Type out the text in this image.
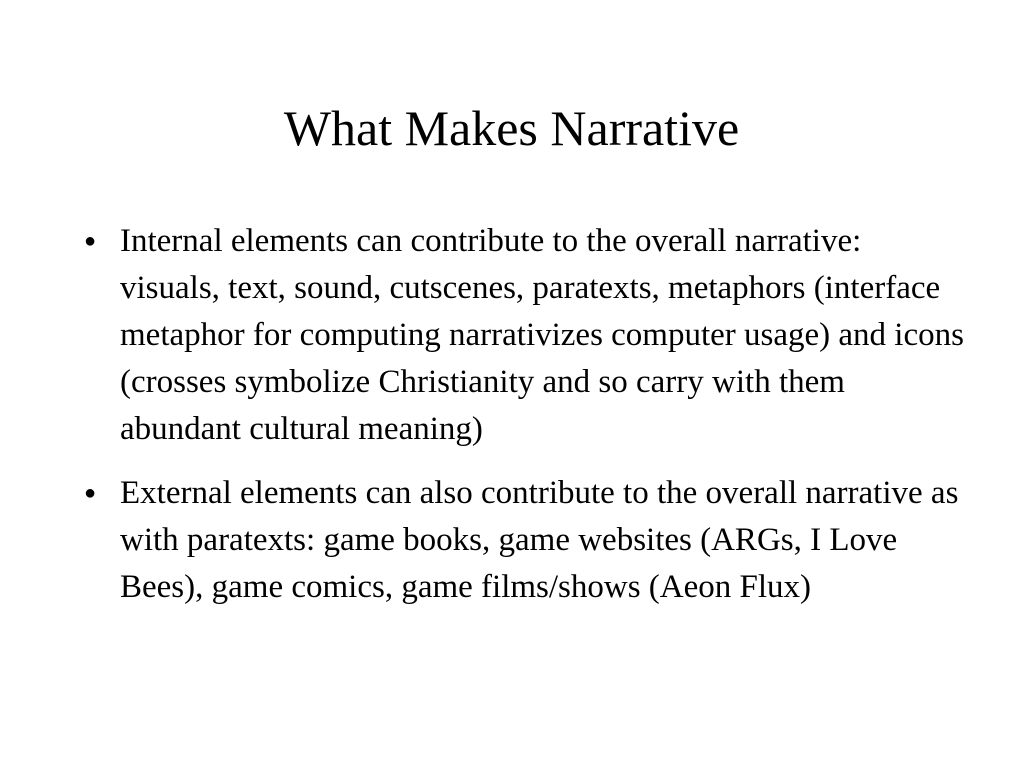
What Makes Narrative
● Internal elements can contribute to the overall narrative: visuals, text, sound, cutscenes, paratexts, metaphors (interface metaphor for computing narrativizes computer usage) and icons (crosses symbolize Christianity and so carry with them abundant cultural meaning)
● External elements can also contribute to the overall narrative as with paratexts: game books, game websites (ARGs, I Love Bees), game comics, game films/shows (Aeon Flux)
